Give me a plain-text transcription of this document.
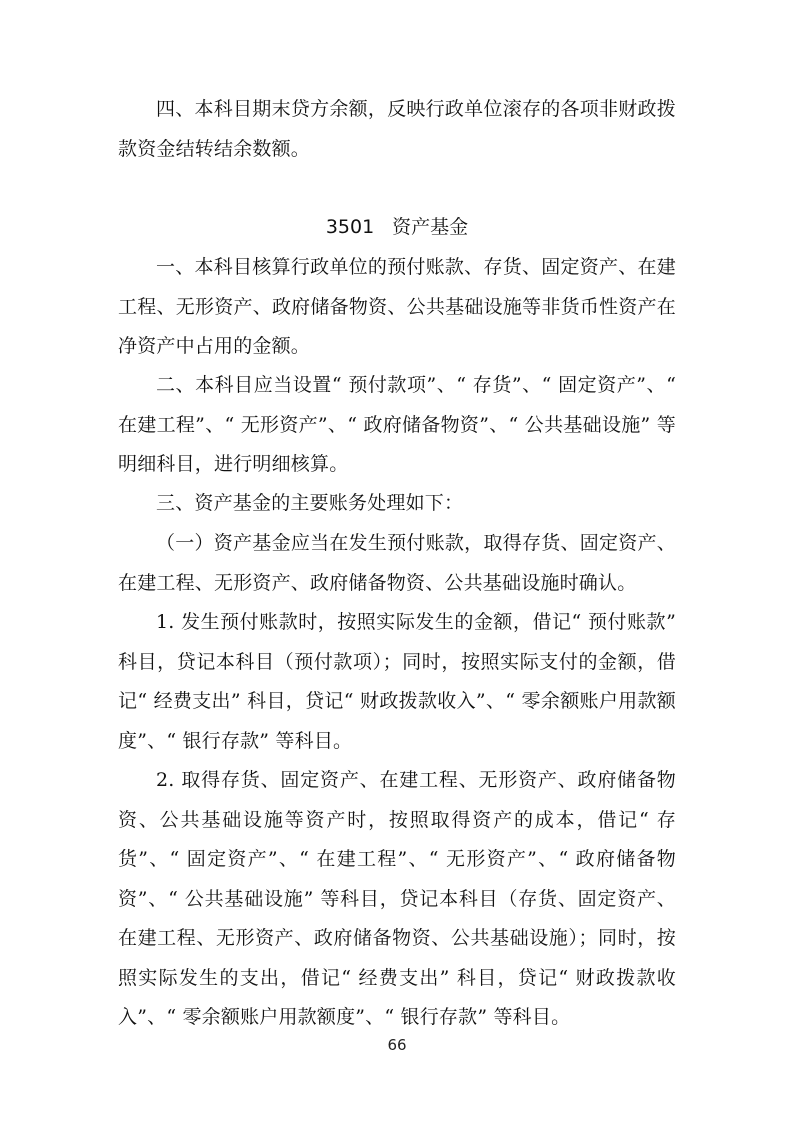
四、本科目期末贷方余额，反映行政单位滚存的各项非财政拨款资金结转结余数额。

3501 资产基金

一、本科目核算行政单位的预付账款、存货、固定资产、在建工程、无形资产、政府储备物资、公共基础设施等非货币性资产在净资产中占用的金额。

二、本科目应当设置“ 预付款项”、“ 存货”、“ 固定资产”、“ 在建工程”、“ 无形资产”、“ 政府储备物资”、“ 公共基础设施” 等明细科目，进行明细核算。

三、资产基金的主要账务处理如下：

（一）资产基金应当在发生预付账款，取得存货、固定资产、在建工程、无形资产、政府储备物资、公共基础设施时确认。

1. 发生预付账款时，按照实际发生的金额，借记“ 预付账款” 科目，贷记本科目（预付款项）；同时，按照实际支付的金额，借记“ 经费支出” 科目，贷记“ 财政拨款收入”、“ 零余额账户用款额度”、“ 银行存款” 等科目。

2. 取得存货、固定资产、在建工程、无形资产、政府储备物资、公共基础设施等资产时，按照取得资产的成本，借记“ 存货”、“ 固定资产”、“ 在建工程”、“ 无形资产”、“ 政府储备物资”、“ 公共基础设施” 等科目，贷记本科目（存货、固定资产、在建工程、无形资产、政府储备物资、公共基础设施）；同时，按照实际发生的支出，借记“ 经费支出” 科目，贷记“ 财政拨款收入”、“ 零余额账户用款额度”、“ 银行存款” 等科目。

66
